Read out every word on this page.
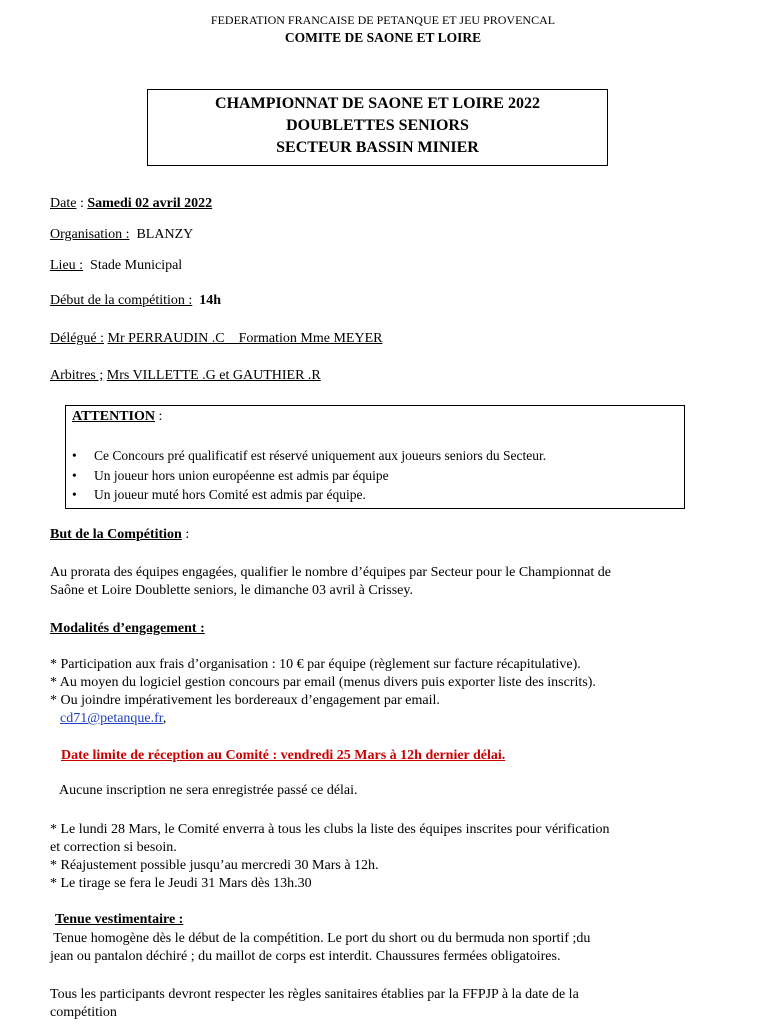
FEDERATION FRANCAISE DE PETANQUE ET JEU PROVENCAL
COMITE DE SAONE ET LOIRE
CHAMPIONNAT DE SAONE ET LOIRE 2022
DOUBLETTES SENIORS
SECTEUR BASSIN MINIER
Date : Samedi 02 avril 2022
Organisation : BLANZY
Lieu : Stade Municipal
Début de la compétition : 14h
Délégué : Mr PERRAUDIN .C    Formation Mme MEYER
Arbitres ; Mrs VILLETTE .G et GAUTHIER .R
ATTENTION :
• Ce Concours pré qualificatif est réservé uniquement aux joueurs seniors du Secteur.
• Un joueur hors union européenne est admis par équipe
• Un joueur muté hors Comité est admis par équipe.
But de la Compétition :
Au prorata des équipes engagées, qualifier le nombre d’équipes par Secteur pour le Championnat de
Saône et Loire Doublette seniors, le dimanche 03 avril à Crissey.
Modalités d’engagement :
* Participation aux frais d’organisation : 10 € par équipe (règlement sur facture récapitulative).
* Au moyen du logiciel gestion concours par email (menus divers puis exporter liste des inscrits).
* Ou joindre impérativement les bordereaux d’engagement par email.
cd71@petanque.fr,
Date limite de réception au Comité : vendredi 25 Mars à 12h dernier délai.
Aucune inscription ne sera enregistrée passé ce délai.
* Le lundi 28 Mars, le Comité enverra à tous les clubs la liste des équipes inscrites pour vérification
et correction si besoin.
* Réajustement possible jusqu’au mercredi 30 Mars à 12h.
* Le tirage se fera le Jeudi 31 Mars dès 13h.30
Tenue vestimentaire :
Tenue homogène dès le début de la compétition. Le port du short ou du bermuda non sportif ;du
jean ou pantalon déchiré ; du maillot de corps est interdit. Chaussures fermées obligatoires.
Tous les participants devront respecter les règles sanitaires établies par la FFPJP à la date de la
compétition
